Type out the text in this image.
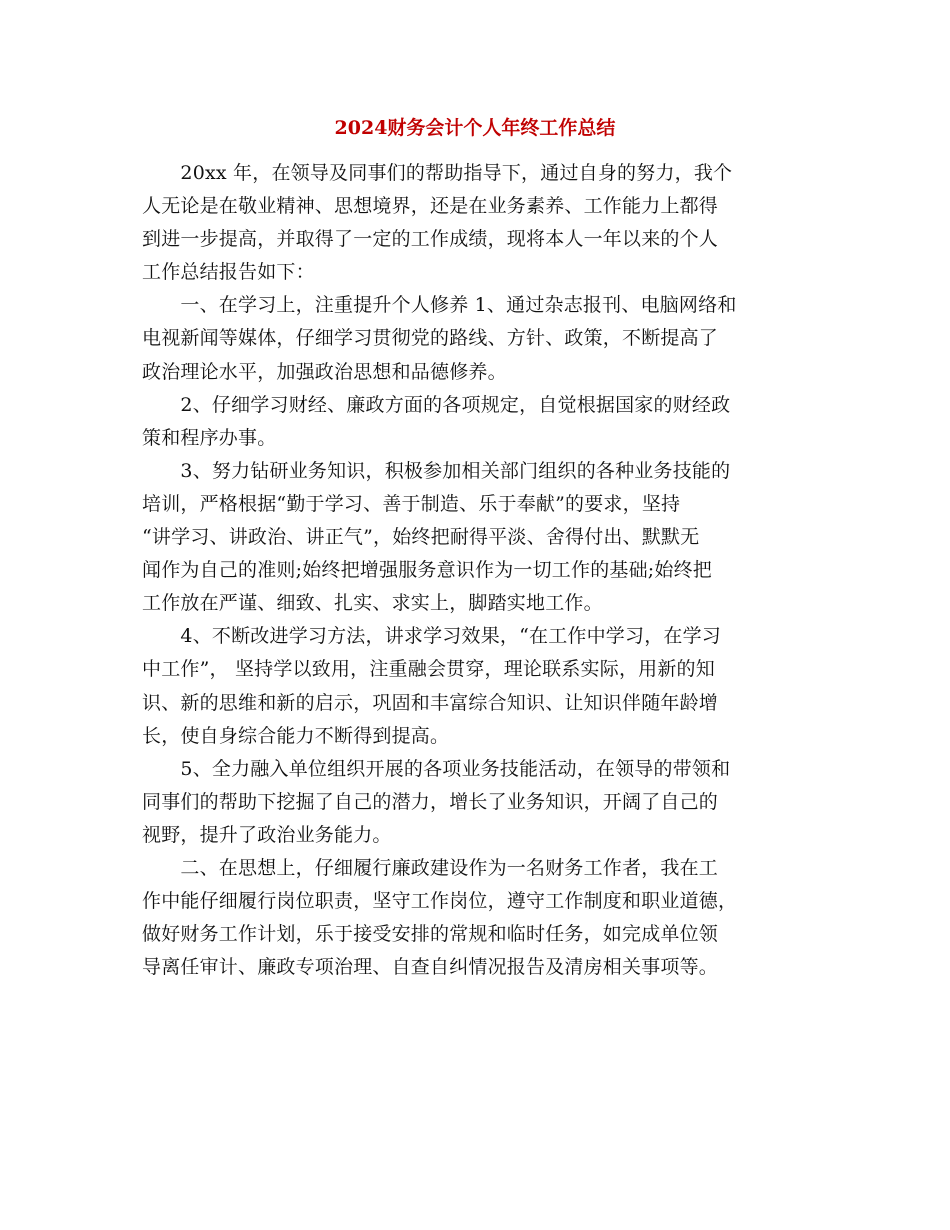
2024财务会计个人年终工作总结
　　20xx 年，在领导及同事们的帮助指导下，通过自身的努力，我个
人无论是在敬业精神、思想境界，还是在业务素养、工作能力上都得
到进一步提高，并取得了一定的工作成绩，现将本人一年以来的个人
工作总结报告如下：
　　一、在学习上，注重提升个人修养 1、通过杂志报刊、电脑网络和
电视新闻等媒体，仔细学习贯彻党的路线、方针、政策，不断提高了
政治理论水平，加强政治思想和品德修养。
　　2、仔细学习财经、廉政方面的各项规定，自觉根据国家的财经政
策和程序办事。
　　3、努力钻研业务知识，积极参加相关部门组织的各种业务技能的
培训，严格根据“勤于学习、善于制造、乐于奉献”的要求，坚持
“讲学习、讲政治、讲正气”，始终把耐得平淡、舍得付出、默默无
闻作为自己的准则;始终把增强服务意识作为一切工作的基础;始终把
工作放在严谨、细致、扎实、求实上，脚踏实地工作。
　　4、不断改进学习方法，讲求学习效果，“在工作中学习，在学习
中工作”， 坚持学以致用，注重融会贯穿，理论联系实际，用新的知
识、新的思维和新的启示，巩固和丰富综合知识、让知识伴随年龄增
长，使自身综合能力不断得到提高。
　　5、全力融入单位组织开展的各项业务技能活动，在领导的带领和
同事们的帮助下挖掘了自己的潜力，增长了业务知识，开阔了自己的
视野，提升了政治业务能力。
　　二、在思想上，仔细履行廉政建设作为一名财务工作者，我在工
作中能仔细履行岗位职责，坚守工作岗位，遵守工作制度和职业道德，
做好财务工作计划，乐于接受安排的常规和临时任务，如完成单位领
导离任审计、廉政专项治理、自查自纠情况报告及清房相关事项等。
